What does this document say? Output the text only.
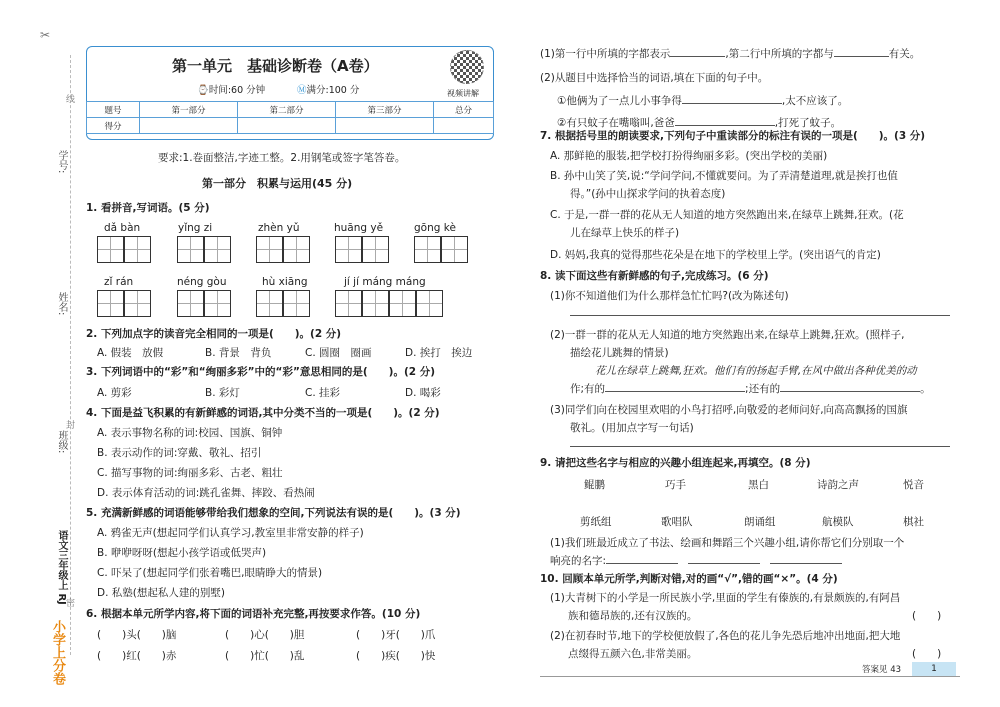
✂
线
封
密
学号:
姓名:
班级:
语文三年级上 RJ
小学上分卷
第一单元　基础诊断卷（A卷）
⌚时间:60 分钟	Ⓜ满分:100 分	视频讲解
题号	第一部分	第二部分	第三部分	总分
得分				
要求:1.卷面整洁,字迹工整。2.用钢笔或签字笔答卷。
第一部分　积累与运用(45 分)
1. 看拼音,写词语。(5 分)
dǎ bàn	yǐng zi	zhèn yǔ	huāng yě	gōng kè
zǐ rán	néng gòu	hù xiāng	jí jí máng máng
2. 下列加点字的读音完全相同的一项是(　　)。(2 分)
A. 假装　放假	B. 背景　背负	C. 圆圈　圈画	D. 挨打　挨边
3. 下列词语中的“彩”和“绚丽多彩”中的“彩”意思相同的是(　　)。(2 分)
A. 剪彩	B. 彩灯	C. 挂彩	D. 喝彩
4. 下面是益飞积累的有新鲜感的词语,其中分类不当的一项是(　　)。(2 分)
A. 表示事物名称的词:校园、国旗、铜钟
B. 表示动作的词:穿戴、敬礼、招引
C. 描写事物的词:绚丽多彩、古老、粗壮
D. 表示体育活动的词:跳孔雀舞、摔跤、看热闹
5. 充满新鲜感的词语能够带给我们想象的空间,下列说法有误的是(　　)。(3 分)
A. 鸦雀无声(想起同学们认真学习,教室里非常安静的样子)
B. 咿咿呀呀(想起小孩学语或低哭声)
C. 吓呆了(想起同学们张着嘴巴,眼睛睁大的情景)
D. 私塾(想起私人建的别墅)
6. 根据本单元所学内容,将下面的词语补充完整,再按要求作答。(10 分)
(　　)头(　　)脑	(　　)心(　　)胆	(　　)牙(　　)爪
(　　)红(　　)赤	(　　)忙(　　)乱	(　　)疾(　　)快
(1)第一行中所填的字都表示	,第二行中所填的字都与	有关。
(2)从题目中选择恰当的词语,填在下面的句子中。
①他俩为了一点儿小事争得	,太不应该了。
②有只蚊子在嘴嗡叫,爸爸	,打死了蚊子。
7. 根据括号里的朗读要求,下列句子中重读部分的标注有误的一项是(　　)。(3 分)
A. 那鲜艳的服装,把学校打扮得绚丽多彩。(突出学校的美丽)
B. 孙中山笑了笑,说:“学问学问,不懂就要问。为了弄清楚道理,就是挨打也值
得。”(孙中山探求学问的执着态度)
C. 于是,一群一群的花从无人知道的地方突然跑出来,在绿草上跳舞,狂欢。(花
儿在绿草上快乐的样子)
D. 妈妈,我真的觉得那些花朵是在地下的学校里上学。(突出语气的肯定)
8. 读下面这些有新鲜感的句子,完成练习。(6 分)
(1)你不知道他们为什么那样急忙忙吗?(改为陈述句)
(2)一群一群的花从无人知道的地方突然跑出来,在绿草上跳舞,狂欢。(照样子,
描绘花儿跳舞的情景)
花儿在绿草上跳舞,狂欢。他们有的扬起手臂,在风中做出各种优美的动
作;有的	;还有的	。
(3)同学们向在校园里欢唱的小鸟打招呼,向敬爱的老师问好,向高高飘扬的国旗
敬礼。(用加点字写一句话)
9. 请把这些名字与相应的兴趣小组连起来,再填空。(8 分)
鲲鹏	巧手	黑白	诗韵之声	悦音
剪纸组	歌唱队	朗诵组	航模队	棋社
(1)我们班最近成立了书法、绘画和舞蹈三个兴趣小组,请你帮它们分别取一个
响亮的名字:
10. 回顾本单元所学,判断对错,对的画“√”,错的画“×”。(4 分)
(1)大青树下的小学是一所民族小学,里面的学生有傣族的,有景颇族的,有阿昌
族和德昂族的,还有汉族的。	(　　)
(2)在初春时节,地下的学校便放假了,各色的花儿争先恐后地冲出地面,把大地
点缀得五颜六色,非常美丽。	(　　)
答案见 43	1
